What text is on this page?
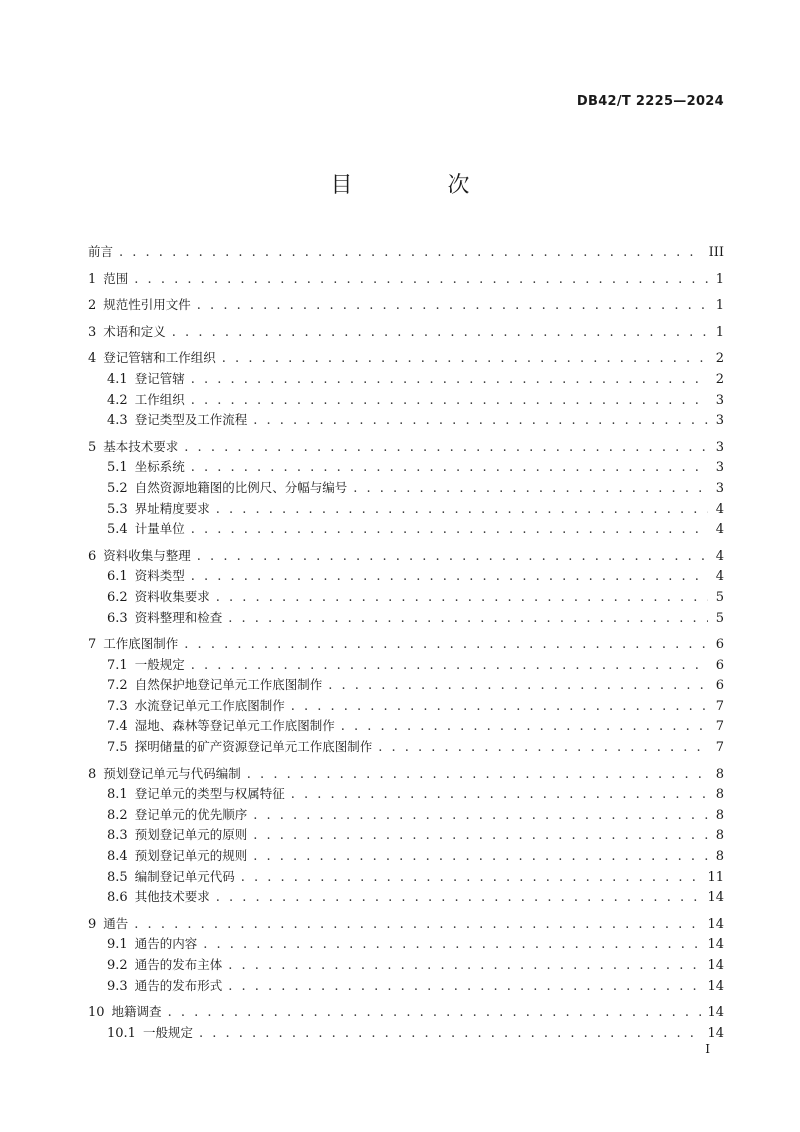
DB42/T 2225—2024
目 次
前言 . . .	III
1 范围 . . .	1
2 规范性引用文件 . . .	1
3 术语和定义 . . .	1
4 登记管辖和工作组织 . . .	2
4.1 登记管辖 . . .	2
4.2 工作组织 . . .	3
4.3 登记类型及工作流程 . . .	3
5 基本技术要求 . . .	3
5.1 坐标系统 . . .	3
5.2 自然资源地籍图的比例尺、分幅与编号 . . .	3
5.3 界址精度要求 . . .	4
5.4 计量单位 . . .	4
6 资料收集与整理 . . .	4
6.1 资料类型 . . .	4
6.2 资料收集要求 . . .	5
6.3 资料整理和检查 . . .	5
7 工作底图制作 . . .	6
7.1 一般规定 . . .	6
7.2 自然保护地登记单元工作底图制作 . . .	6
7.3 水流登记单元工作底图制作 . . .	7
7.4 湿地、森林等登记单元工作底图制作 . . .	7
7.5 探明储量的矿产资源登记单元工作底图制作 . . .	7
8 预划登记单元与代码编制 . . .	8
8.1 登记单元的类型与权属特征 . . .	8
8.2 登记单元的优先顺序 . . .	8
8.3 预划登记单元的原则 . . .	8
8.4 预划登记单元的规则 . . .	8
8.5 编制登记单元代码 . . .	11
8.6 其他技术要求 . . .	14
9 通告 . . .	14
9.1 通告的内容 . . .	14
9.2 通告的发布主体 . . .	14
9.3 通告的发布形式 . . .	14
10 地籍调查 . . .	14
10.1 一般规定 . . .	14
I
